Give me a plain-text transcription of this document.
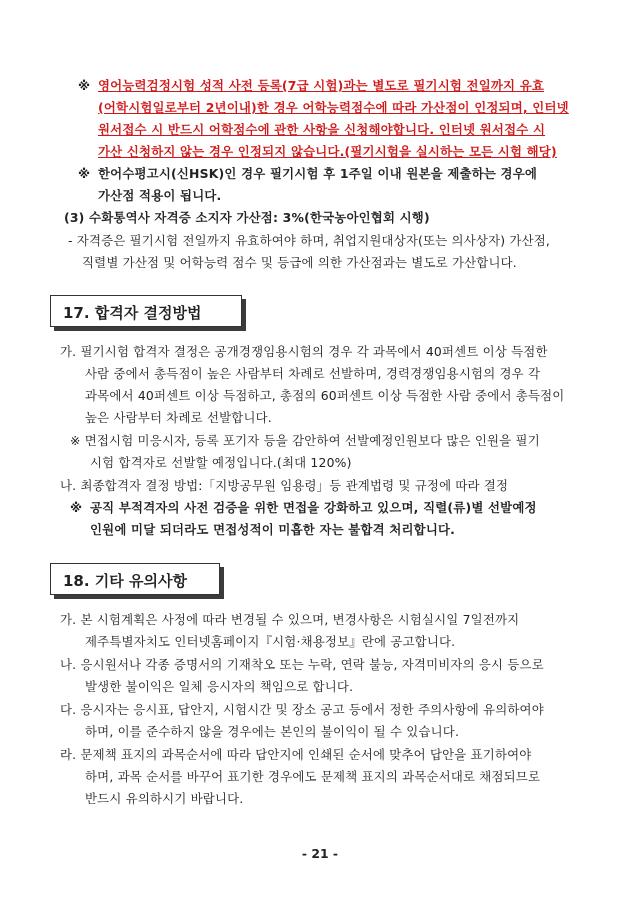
※ 영어능력검정시험 성적 사전 등록(7급 시험)과는 별도로 필기시험 전일까지 유효
(어학시험일로부터 2년이내)한 경우 어학능력점수에 따라 가산점이 인정되며, 인터넷
원서접수 시 반드시 어학점수에 관한 사항을 신청해야합니다. 인터넷 원서접수 시
가산 신청하지 않는 경우 인정되지 않습니다.(필기시험을 실시하는 모든 시험 해당)
※ 한어수평고시(신HSK)인 경우 필기시험 후 1주일 이내 원본을 제출하는 경우에
가산점 적용이 됩니다.
(3) 수화통역사 자격증 소지자 가산점: 3%(한국농아인협회 시행)
- 자격증은 필기시험 전일까지 유효하여야 하며, 취업지원대상자(또는 의사상자) 가산점,
직렬별 가산점 및 어학능력 점수 및 등급에 의한 가산점과는 별도로 가산합니다.
17. 합격자 결정방법
가. 필기시험 합격자 결정은 공개경쟁임용시험의 경우 각 과목에서 40퍼센트 이상 득점한
사람 중에서 총득점이 높은 사람부터 차례로 선발하며, 경력경쟁임용시험의 경우 각
과목에서 40퍼센트 이상 득점하고, 총점의 60퍼센트 이상 득점한 사람 중에서 총득점이
높은 사람부터 차례로 선발합니다.
※ 면접시험 미응시자, 등록 포기자 등을 감안하여 선발예정인원보다 많은 인원을 필기
시험 합격자로 선발할 예정입니다.(최대 120%)
나. 최종합격자 결정 방법:「지방공무원 임용령」등 관계법령 및 규정에 따라 결정
※ 공직 부적격자의 사전 검증을 위한 면접을 강화하고 있으며, 직렬(류)별 선발예정
인원에 미달 되더라도 면접성적이 미흡한 자는 불합격 처리합니다.
18. 기타 유의사항
가. 본 시험계획은 사정에 따라 변경될 수 있으며, 변경사항은 시험실시일 7일전까지
제주특별자치도 인터넷홈페이지『시험·채용정보』란에 공고합니다.
나. 응시원서나 각종 증명서의 기재착오 또는 누락, 연락 불능, 자격미비자의 응시 등으로
발생한 불이익은 일체 응시자의 책임으로 합니다.
다. 응시자는 응시표, 답안지, 시험시간 및 장소 공고 등에서 정한 주의사항에 유의하여야
하며, 이를 준수하지 않을 경우에는 본인의 불이익이 될 수 있습니다.
라. 문제책 표지의 과목순서에 따라 답안지에 인쇄된 순서에 맞추어 답안을 표기하여야
하며, 과목 순서를 바꾸어 표기한 경우에도 문제책 표지의 과목순서대로 채점되므로
반드시 유의하시기 바랍니다.
- 21 -
